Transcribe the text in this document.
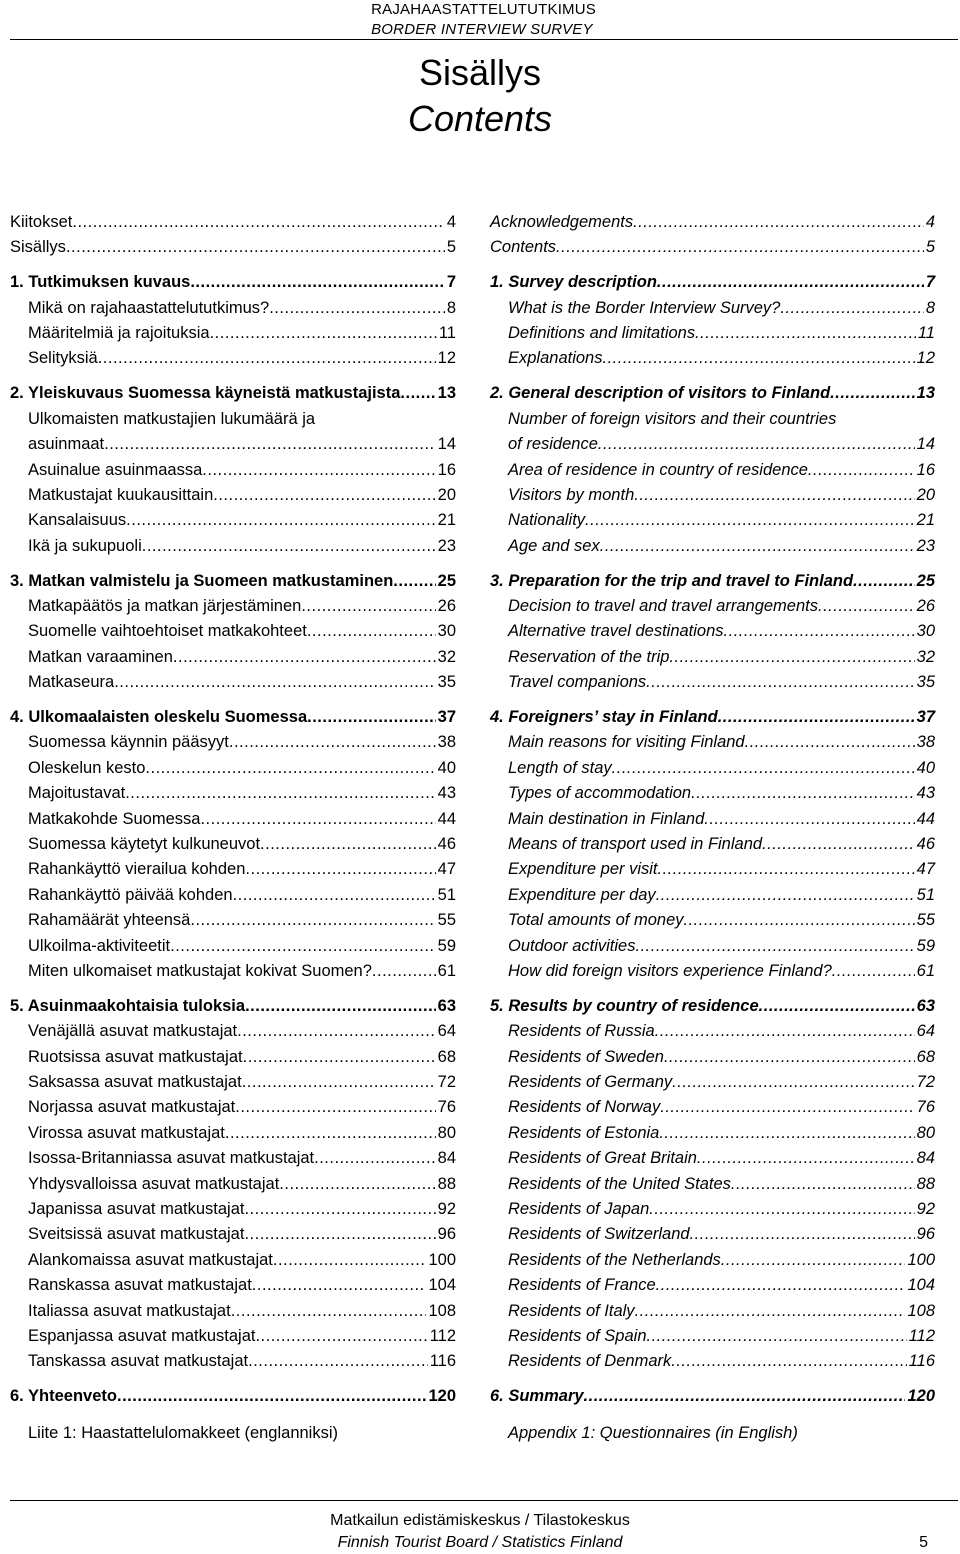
RAJAHAASTATTELUTUTKIMUS
BORDER INTERVIEW SURVEY
Sisällys
Contents
Kiitokset .....	4
Sisällys .....	5
1. Tutkimuksen kuvaus .....	7
Mikä on rajahaastattelututkimus? .....	8
Määritelmiä ja rajoituksia .....	11
Selityksiä .....	12
2. Yleiskuvaus Suomessa käyneistä matkustajista ..... 13
Ulkomaisten matkustajien lukumäärä ja
asuinmaat .....	14
Asuinalue asuinmaassa .....	16
Matkustajat kuukausittain .....	20
Kansalaisuus .....	21
Ikä ja sukupuoli .....	23
3. Matkan valmistelu ja Suomeen matkustaminen .....	25
Matkapäätös ja matkan järjestäminen .....	26
Suomelle vaihtoehtoiset matkakohteet .....	30
Matkan varaaminen .....	32
Matkaseura .....	35
4. Ulkomaalaisten oleskelu Suomessa .....	37
Suomessa käynnin pääsyyt .....	38
Oleskelun kesto .....	40
Majoitustavat .....	43
Matkakohde Suomessa .....	44
Suomessa käytetyt kulkuneuvot .....	46
Rahankäyttö vierailua kohden .....	47
Rahankäyttö päivää kohden .....	51
Rahamäärät yhteensä .....	55
Ulkoilma-aktiviteetit .....	59
Miten ulkomaiset matkustajat kokivat Suomen? .....	61
5. Asuinmaakohtaisia tuloksia .....	63
Venäjällä asuvat matkustajat .....	64
Ruotsissa asuvat matkustajat .....	68
Saksassa asuvat matkustajat .....	72
Norjassa asuvat matkustajat .....	76
Virossa asuvat matkustajat .....	80
Isossa-Britanniassa asuvat matkustajat .....	84
Yhdysvalloissa asuvat matkustajat .....	88
Japanissa asuvat matkustajat .....	92
Sveitsissä asuvat matkustajat .....	96
Alankomaissa asuvat matkustajat .....	100
Ranskassa asuvat matkustajat .....	104
Italiassa asuvat matkustajat .....	108
Espanjassa asuvat matkustajat .....	112
Tanskassa asuvat matkustajat .....	116
6. Yhteenveto .....	120
Liite 1: Haastattelulomakkeet (englanniksi)
Acknowledgements .....	4
Contents .....	5
1. Survey description .....	7
What is the Border Interview Survey? .....	8
Definitions and limitations .....	11
Explanations .....	12
2. General description of visitors to Finland .....	13
Number of foreign visitors and their countries
of residence .....	14
Area of residence in country of residence .....	16
Visitors by month .....	20
Nationality .....	21
Age and sex .....	23
3. Preparation for the trip and travel to Finland .....	25
Decision to travel and travel arrangements .....	26
Alternative travel destinations .....	30
Reservation of the trip .....	32
Travel companions .....	35
4. Foreigners’ stay in Finland .....	37
Main reasons for visiting Finland .....	38
Length of stay .....	40
Types of accommodation .....	43
Main destination in Finland .....	44
Means of transport used in Finland .....	46
Expenditure per visit .....	47
Expenditure per day .....	51
Total amounts of money .....	55
Outdoor activities .....	59
How did foreign visitors experience Finland? .....	61
5. Results by country of residence .....	63
Residents of Russia .....	64
Residents of Sweden .....	68
Residents of Germany .....	72
Residents of Norway .....	76
Residents of Estonia .....	80
Residents of Great Britain .....	84
Residents of the United States .....	88
Residents of Japan .....	92
Residents of Switzerland .....	96
Residents of the Netherlands .....	100
Residents of France .....	104
Residents of Italy .....	108
Residents of Spain .....	112
Residents of Denmark .....	116
6. Summary .....	120
Appendix 1: Questionnaires (in English)
Matkailun edistämiskeskus / Tilastokeskus
Finnish Tourist Board / Statistics Finland	5
